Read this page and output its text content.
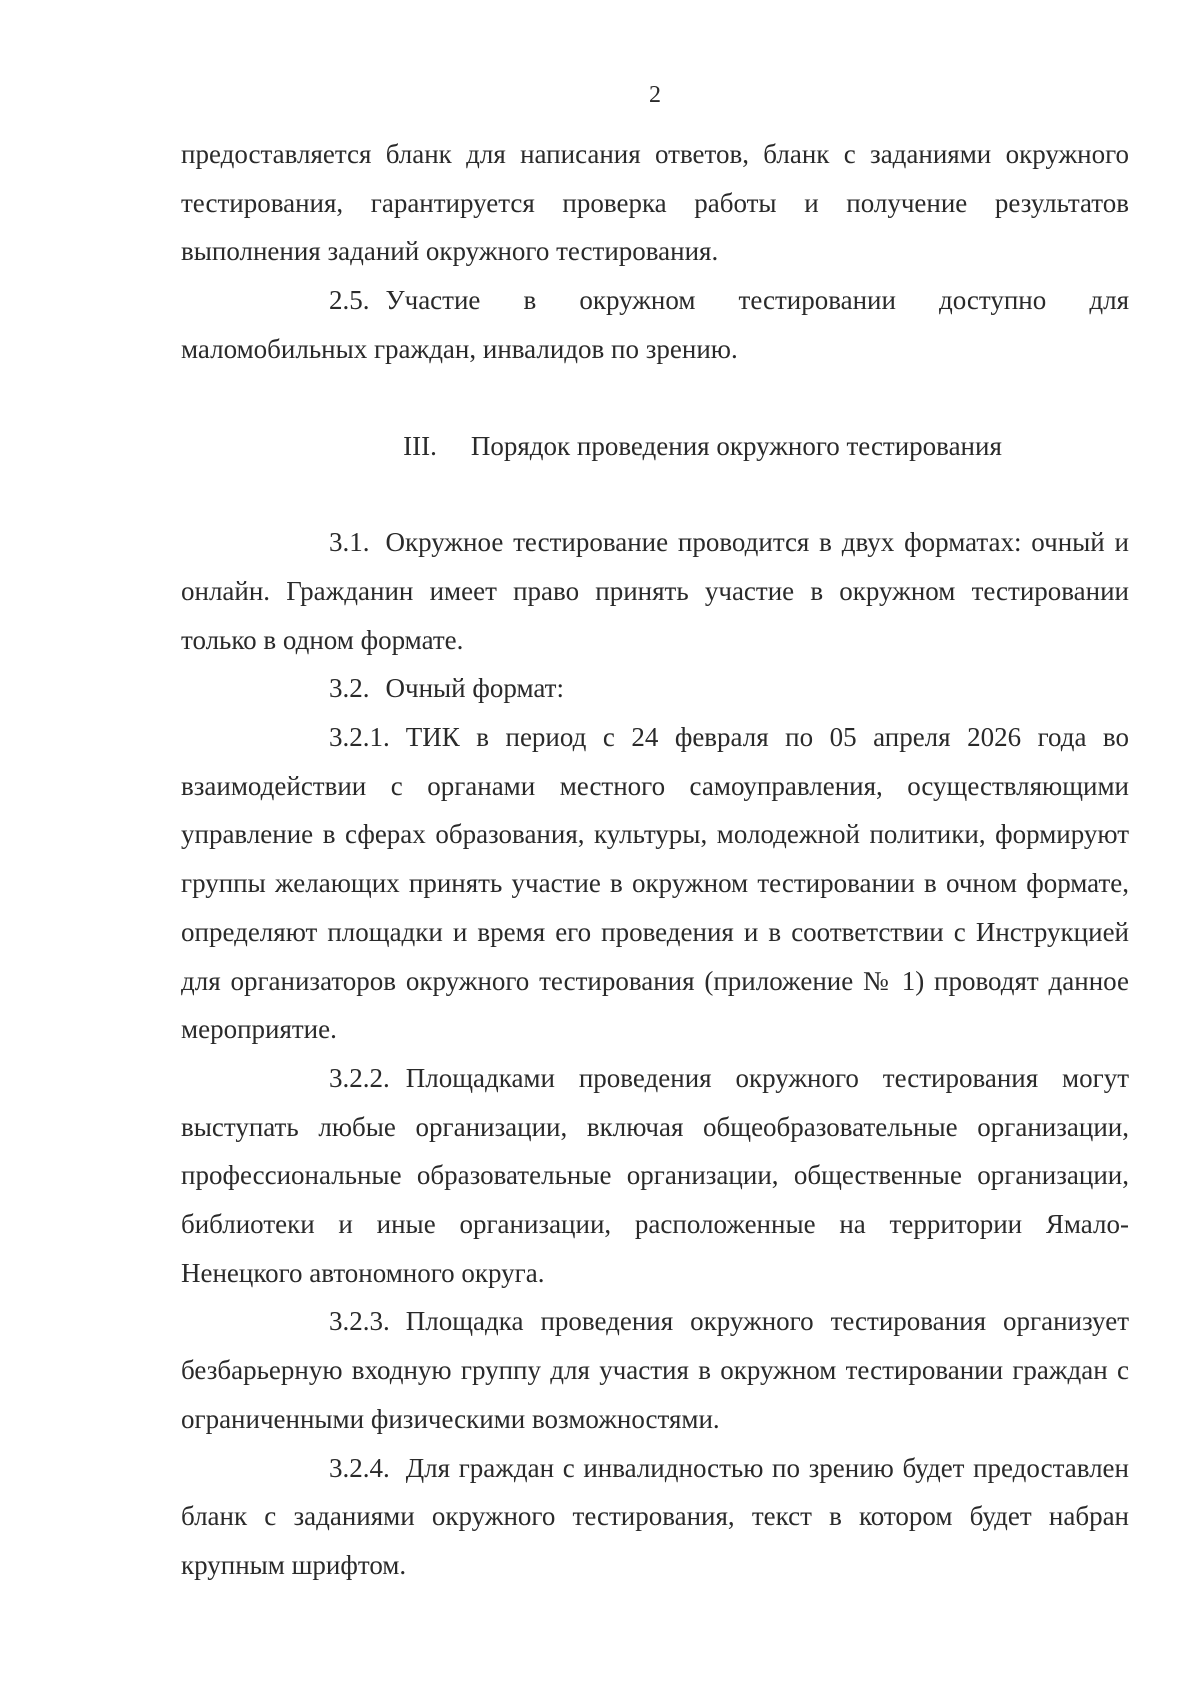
2

предоставляется бланк для написания ответов, бланк с заданиями окружного тестирования, гарантируется проверка работы и получение результатов выполнения заданий окружного тестирования.

2.5. Участие в окружном тестировании доступно для маломобильных граждан, инвалидов по зрению.

III. Порядок проведения окружного тестирования

3.1. Окружное тестирование проводится в двух форматах: очный и онлайн. Гражданин имеет право принять участие в окружном тестировании только в одном формате.

3.2. Очный формат:

3.2.1. ТИК в период с 24 февраля по 05 апреля 2026 года во взаимодействии с органами местного самоуправления, осуществляющими управление в сферах образования, культуры, молодежной политики, формируют группы желающих принять участие в окружном тестировании в очном формате, определяют площадки и время его проведения и в соответствии с Инструкцией для организаторов окружного тестирования (приложение № 1) проводят данное мероприятие.

3.2.2. Площадками проведения окружного тестирования могут выступать любые организации, включая общеобразовательные организации, профессиональные образовательные организации, общественные организации, библиотеки и иные организации, расположенные на территории Ямало-Ненецкого автономного округа.

3.2.3. Площадка проведения окружного тестирования организует безбарьерную входную группу для участия в окружном тестировании граждан с ограниченными физическими возможностями.

3.2.4. Для граждан с инвалидностью по зрению будет предоставлен бланк с заданиями окружного тестирования, текст в котором будет набран крупным шрифтом.
